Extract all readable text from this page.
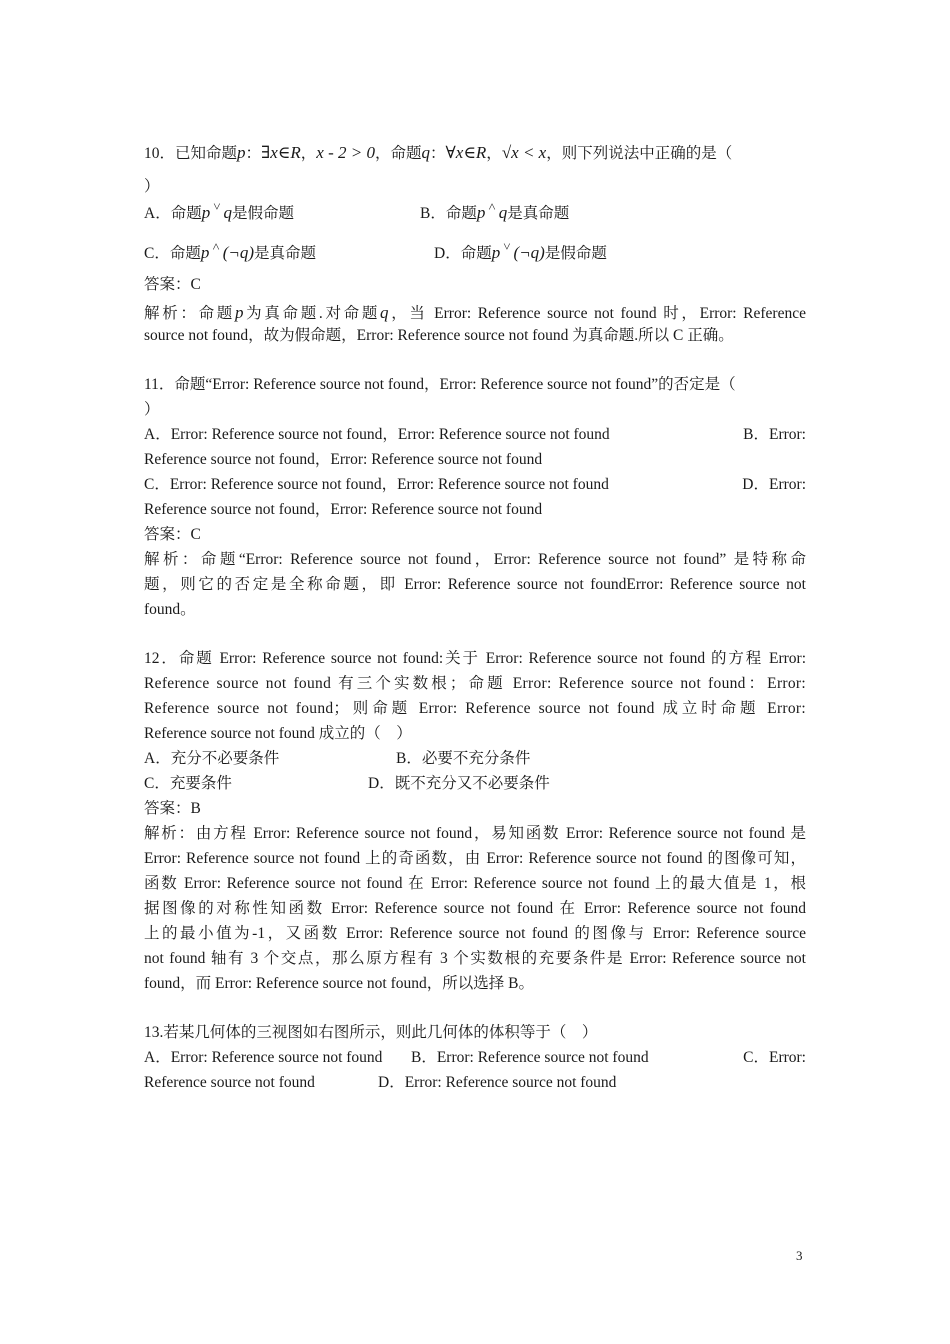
10．已知命题p：∃x∈R，x - 2 > 0，命题q：∀x∈R，√x < x，则下列说法中正确的是（
）
A．命题p ˅ q是假命题	B．命题p ˄ q是真命题
C．命题p ˄ (¬q)是真命题	D．命题p ˅ (¬q)是假命题
答案：C
解析：命题p为真命题.对命题q，当 Error: Reference source not found 时，Error: Reference
source not found，故为假命题，Error: Reference source not found 为真命题.所以 C 正确。
11．命题“Error: Reference source not found，Error: Reference source not found”的否定是（
）
A．Error: Reference source not found，Error: Reference source not found	B．Error:
Reference source not found，Error: Reference source not found
C．Error: Reference source not found，Error: Reference source not found	D．Error:
Reference source not found，Error: Reference source not found
答案：C
解析：命题“Error: Reference source not found，Error: Reference source not found” 是特称命
题，则它的否定是全称命题，即 Error: Reference source not foundError: Reference source not
found。
12．命题 Error: Reference source not found:关于 Error: Reference source not found 的方程 Error:
Reference source not found 有三个实数根；命题 Error: Reference source not found：Error:
Reference source not found；则命题 Error: Reference source not found 成立时命题 Error:
Reference source not found 成立的（　）
A．充分不必要条件	B．必要不充分条件
C．充要条件	D．既不充分又不必要条件
答案：B
解析：由方程 Error: Reference source not found，易知函数 Error: Reference source not found 是
Error: Reference source not found 上的奇函数，由 Error: Reference source not found 的图像可知，
函数 Error: Reference source not found 在 Error: Reference source not found 上的最大值是 1，根
据图像的对称性知函数 Error: Reference source not found 在 Error: Reference source not found
上的最小值为-1，又函数 Error: Reference source not found 的图像与 Error: Reference source
not found 轴有 3 个交点，那么原方程有 3 个实数根的充要条件是 Error: Reference source not
found，而 Error: Reference source not found，所以选择 B。
13.若某几何体的三视图如右图所示，则此几何体的体积等于（　）
A．Error: Reference source not found B．Error: Reference source not found	C．Error:
Reference source not found	D．Error: Reference source not found
3
